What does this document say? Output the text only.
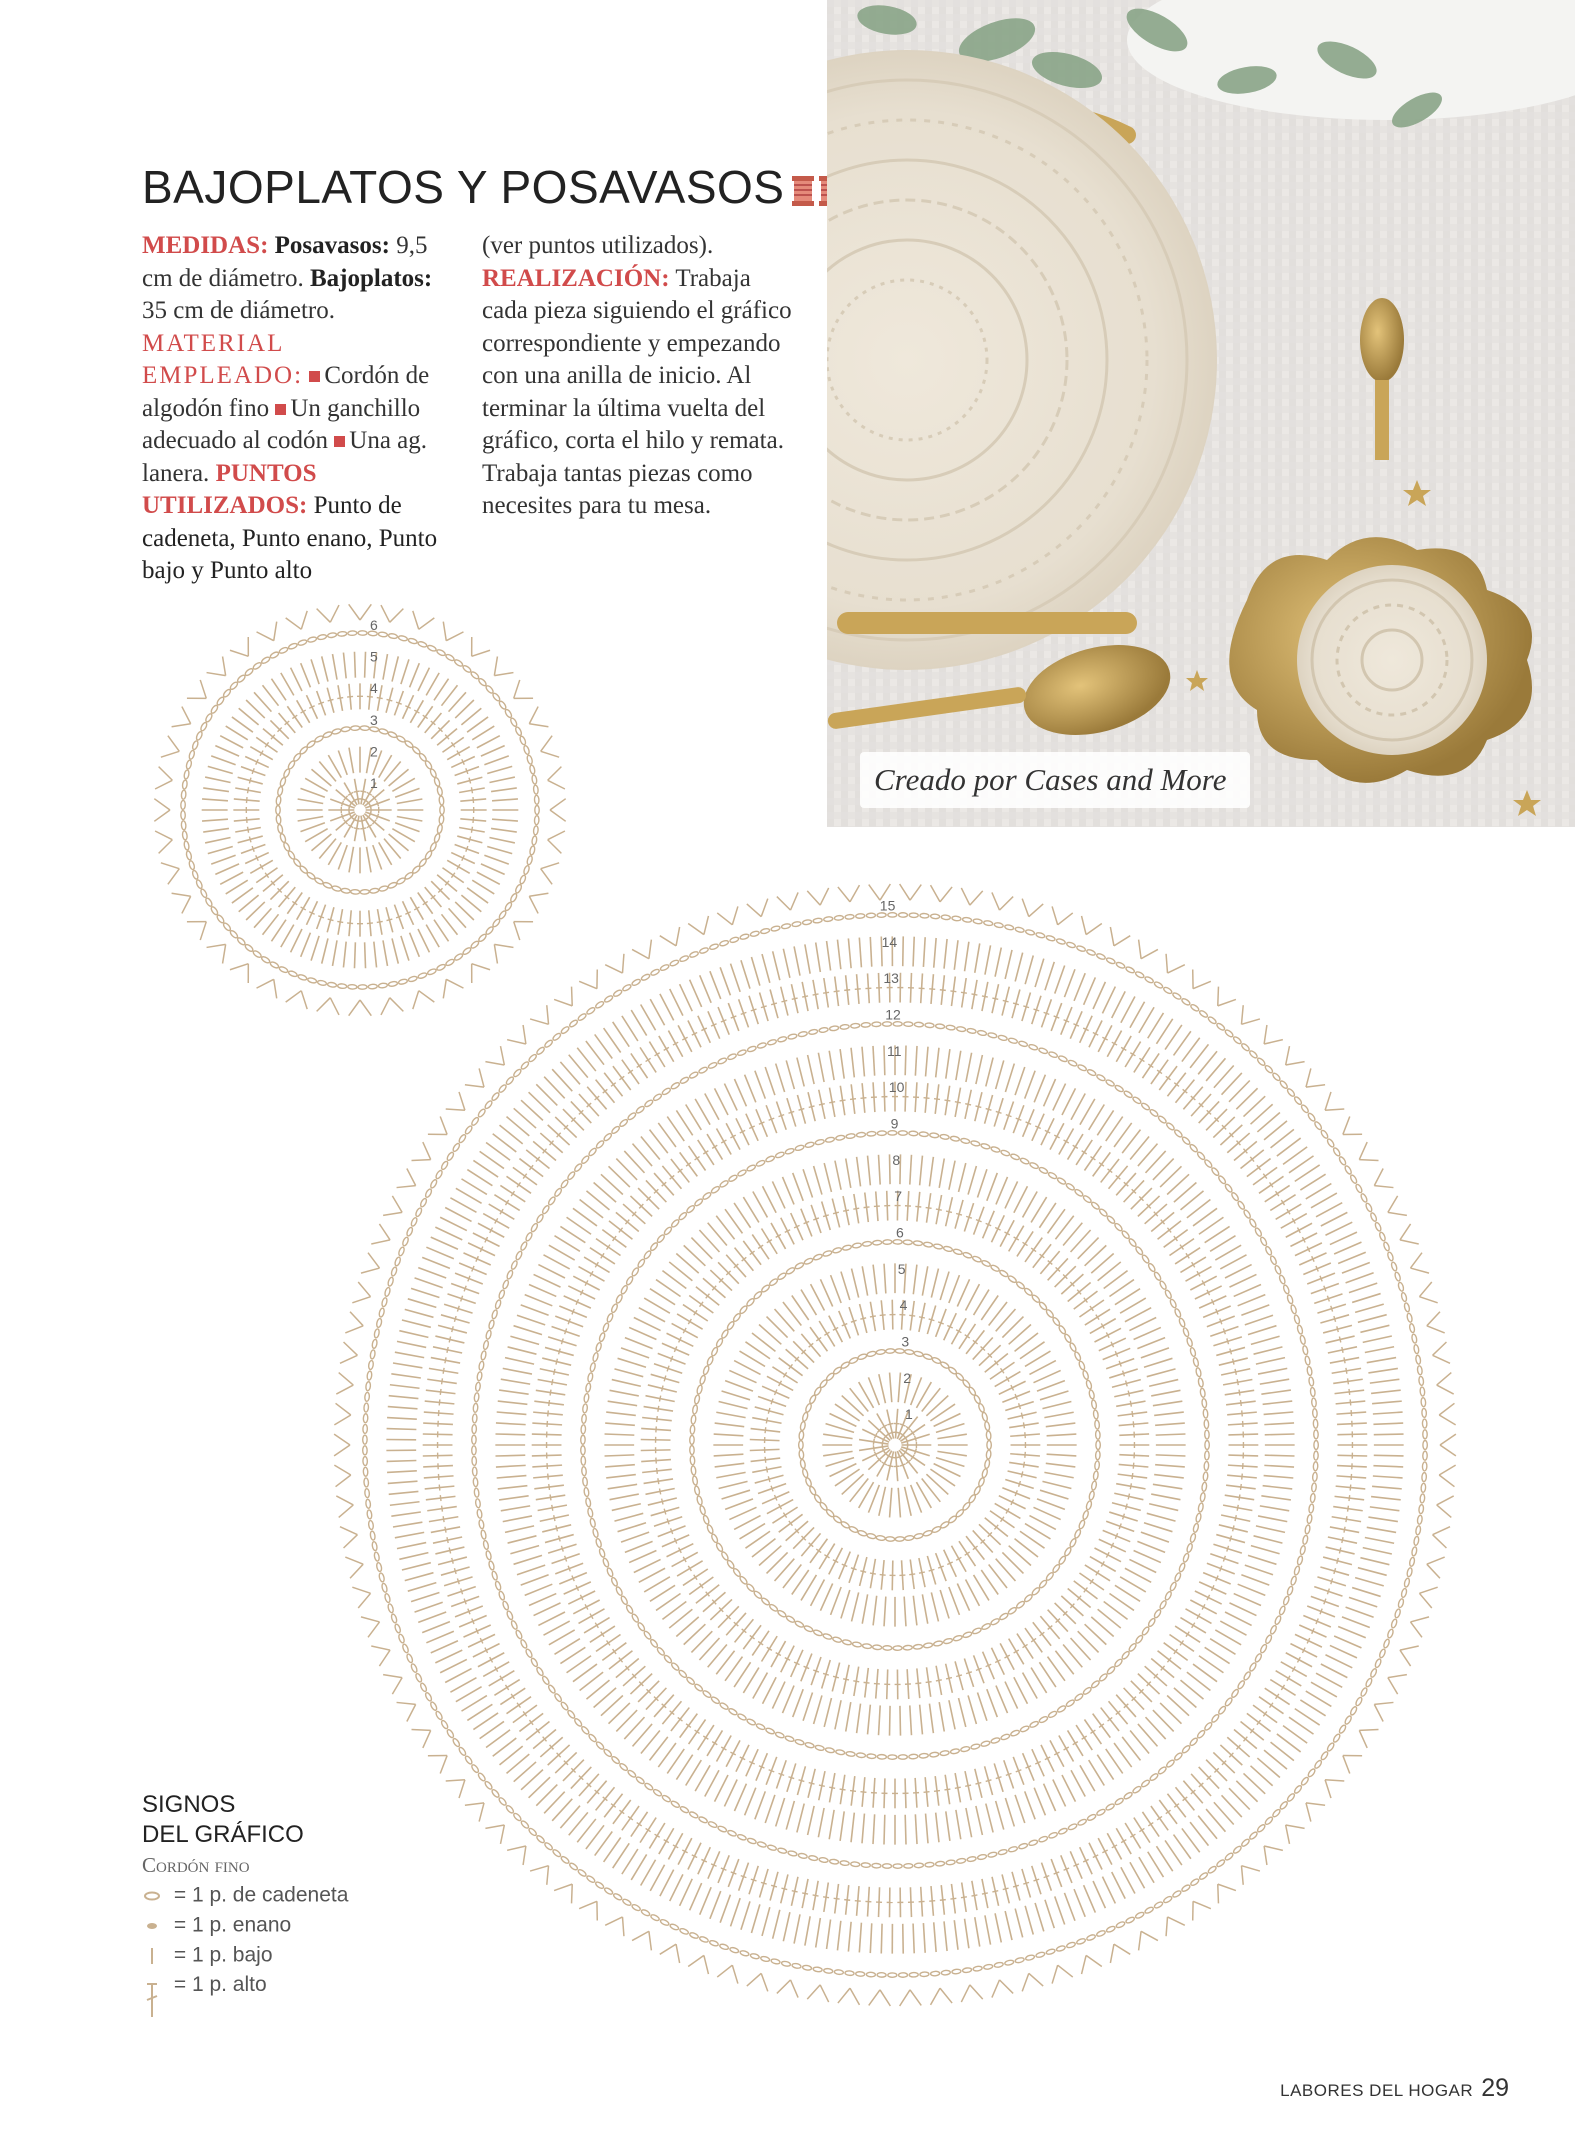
BAJOPLATOS Y POSAVASOS
MEDIDAS: Posavasos: 9,5 cm de diámetro. Bajoplatos: 35 cm de diámetro. MATERIAL EMPLEADO: Cordón de algodón fino Un ganchillo adecuado al codón Una ag. lanera. PUNTOS UTILIZADOS: Punto de cadeneta, Punto enano, Punto bajo y Punto alto
(ver puntos utilizados). REALIZACIÓN: Trabaja cada pieza siguiendo el gráfico correspondiente y empezando con una anilla de inicio. Al terminar la última vuelta del gráfico, corta el hilo y remata. Trabaja tantas piezas como necesites para tu mesa.
Creado por Cases and More
1
2
3
4
5
6
1
2
3
4
5
6
7
8
9
10
11
12
13
14
15
SIGNOS
DEL GRÁFICO
Cordón fino
= 1 p. de cadeneta
= 1 p. enano
= 1 p. bajo
= 1 p. alto
LABORES DEL HOGAR 29
